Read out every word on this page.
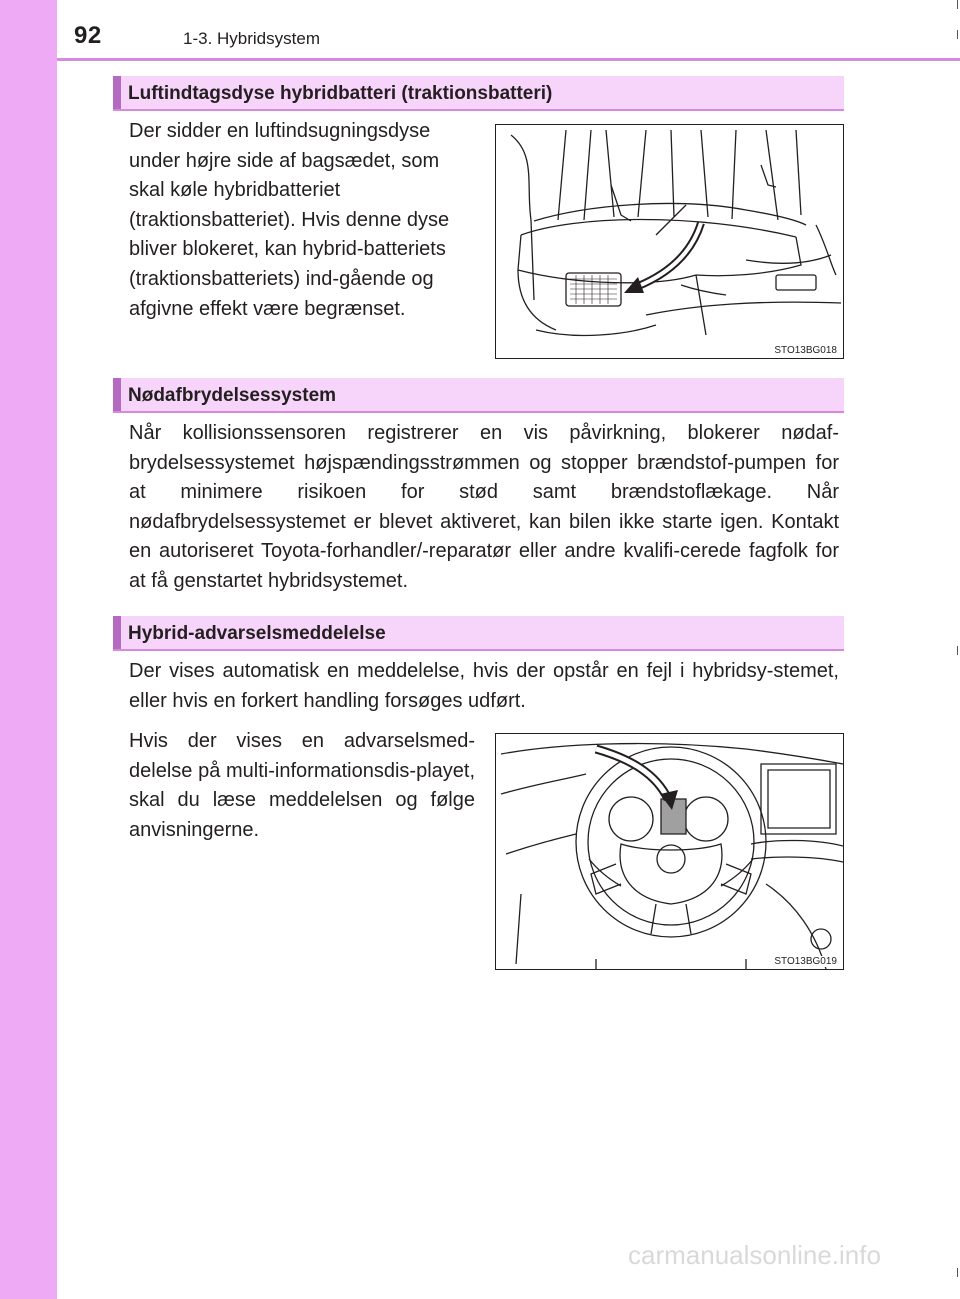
92	1-3. Hybridsystem
Luftindtagsdyse hybridbatteri (traktionsbatteri)
Der sidder en luftindsugningsdyse under højre side af bagsædet, som skal køle hybridbatteriet (traktionsbatteriet). Hvis denne dyse bliver blokeret, kan hybrid-batteriets (traktionsbatteriets) ind-gående og afgivne effekt være begrænset.
STO13BG018
Nødafbrydelsessystem
Når kollisionssensoren registrerer en vis påvirkning, blokerer nødaf-brydelsessystemet højspændingsstrømmen og stopper brændstof-pumpen for at minimere risikoen for stød samt brændstoflækage. Når nødafbrydelsessystemet er blevet aktiveret, kan bilen ikke starte igen. Kontakt en autoriseret Toyota-forhandler/-reparatør eller andre kvalifi-cerede fagfolk for at få genstartet hybridsystemet.
Hybrid-advarselsmeddelelse
Der vises automatisk en meddelelse, hvis der opstår en fejl i hybridsy-stemet, eller hvis en forkert handling forsøges udført.
Hvis der vises en advarselsmed-delelse på multi-informationsdis-playet, skal du læse meddelelsen og følge anvisningerne.
STO13BG019
carmanualsonline.info
